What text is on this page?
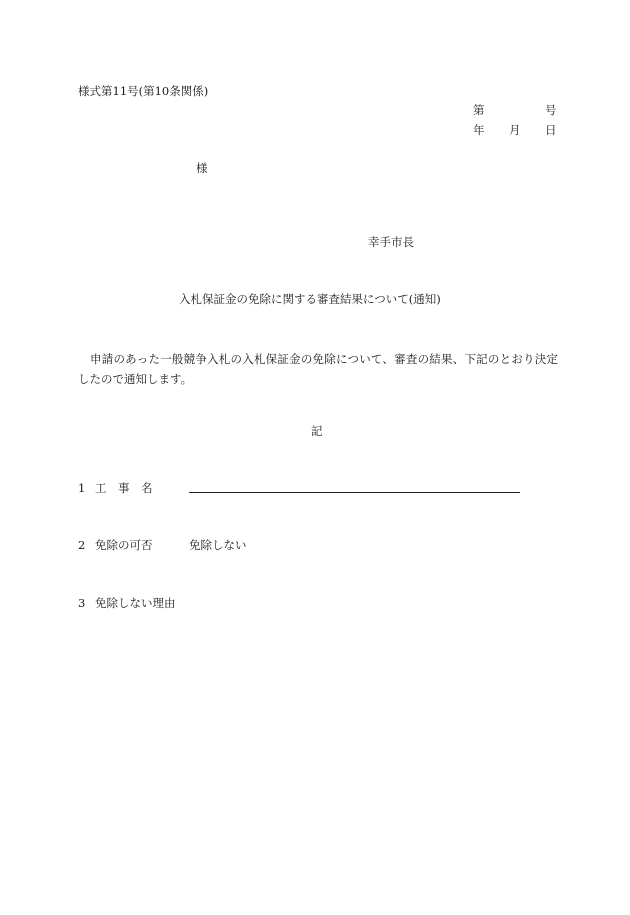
様式第11号(第10条関係)
第	号
年 月 日
様
幸手市長
入札保証金の免除に関する審査結果について(通知)
申請のあった一般競争入札の入札保証金の免除について、審査の結果、下記のとおり決定したので通知します。
記
1 工　事　名
2 免除の可否	免除しない
3 免除しない理由
